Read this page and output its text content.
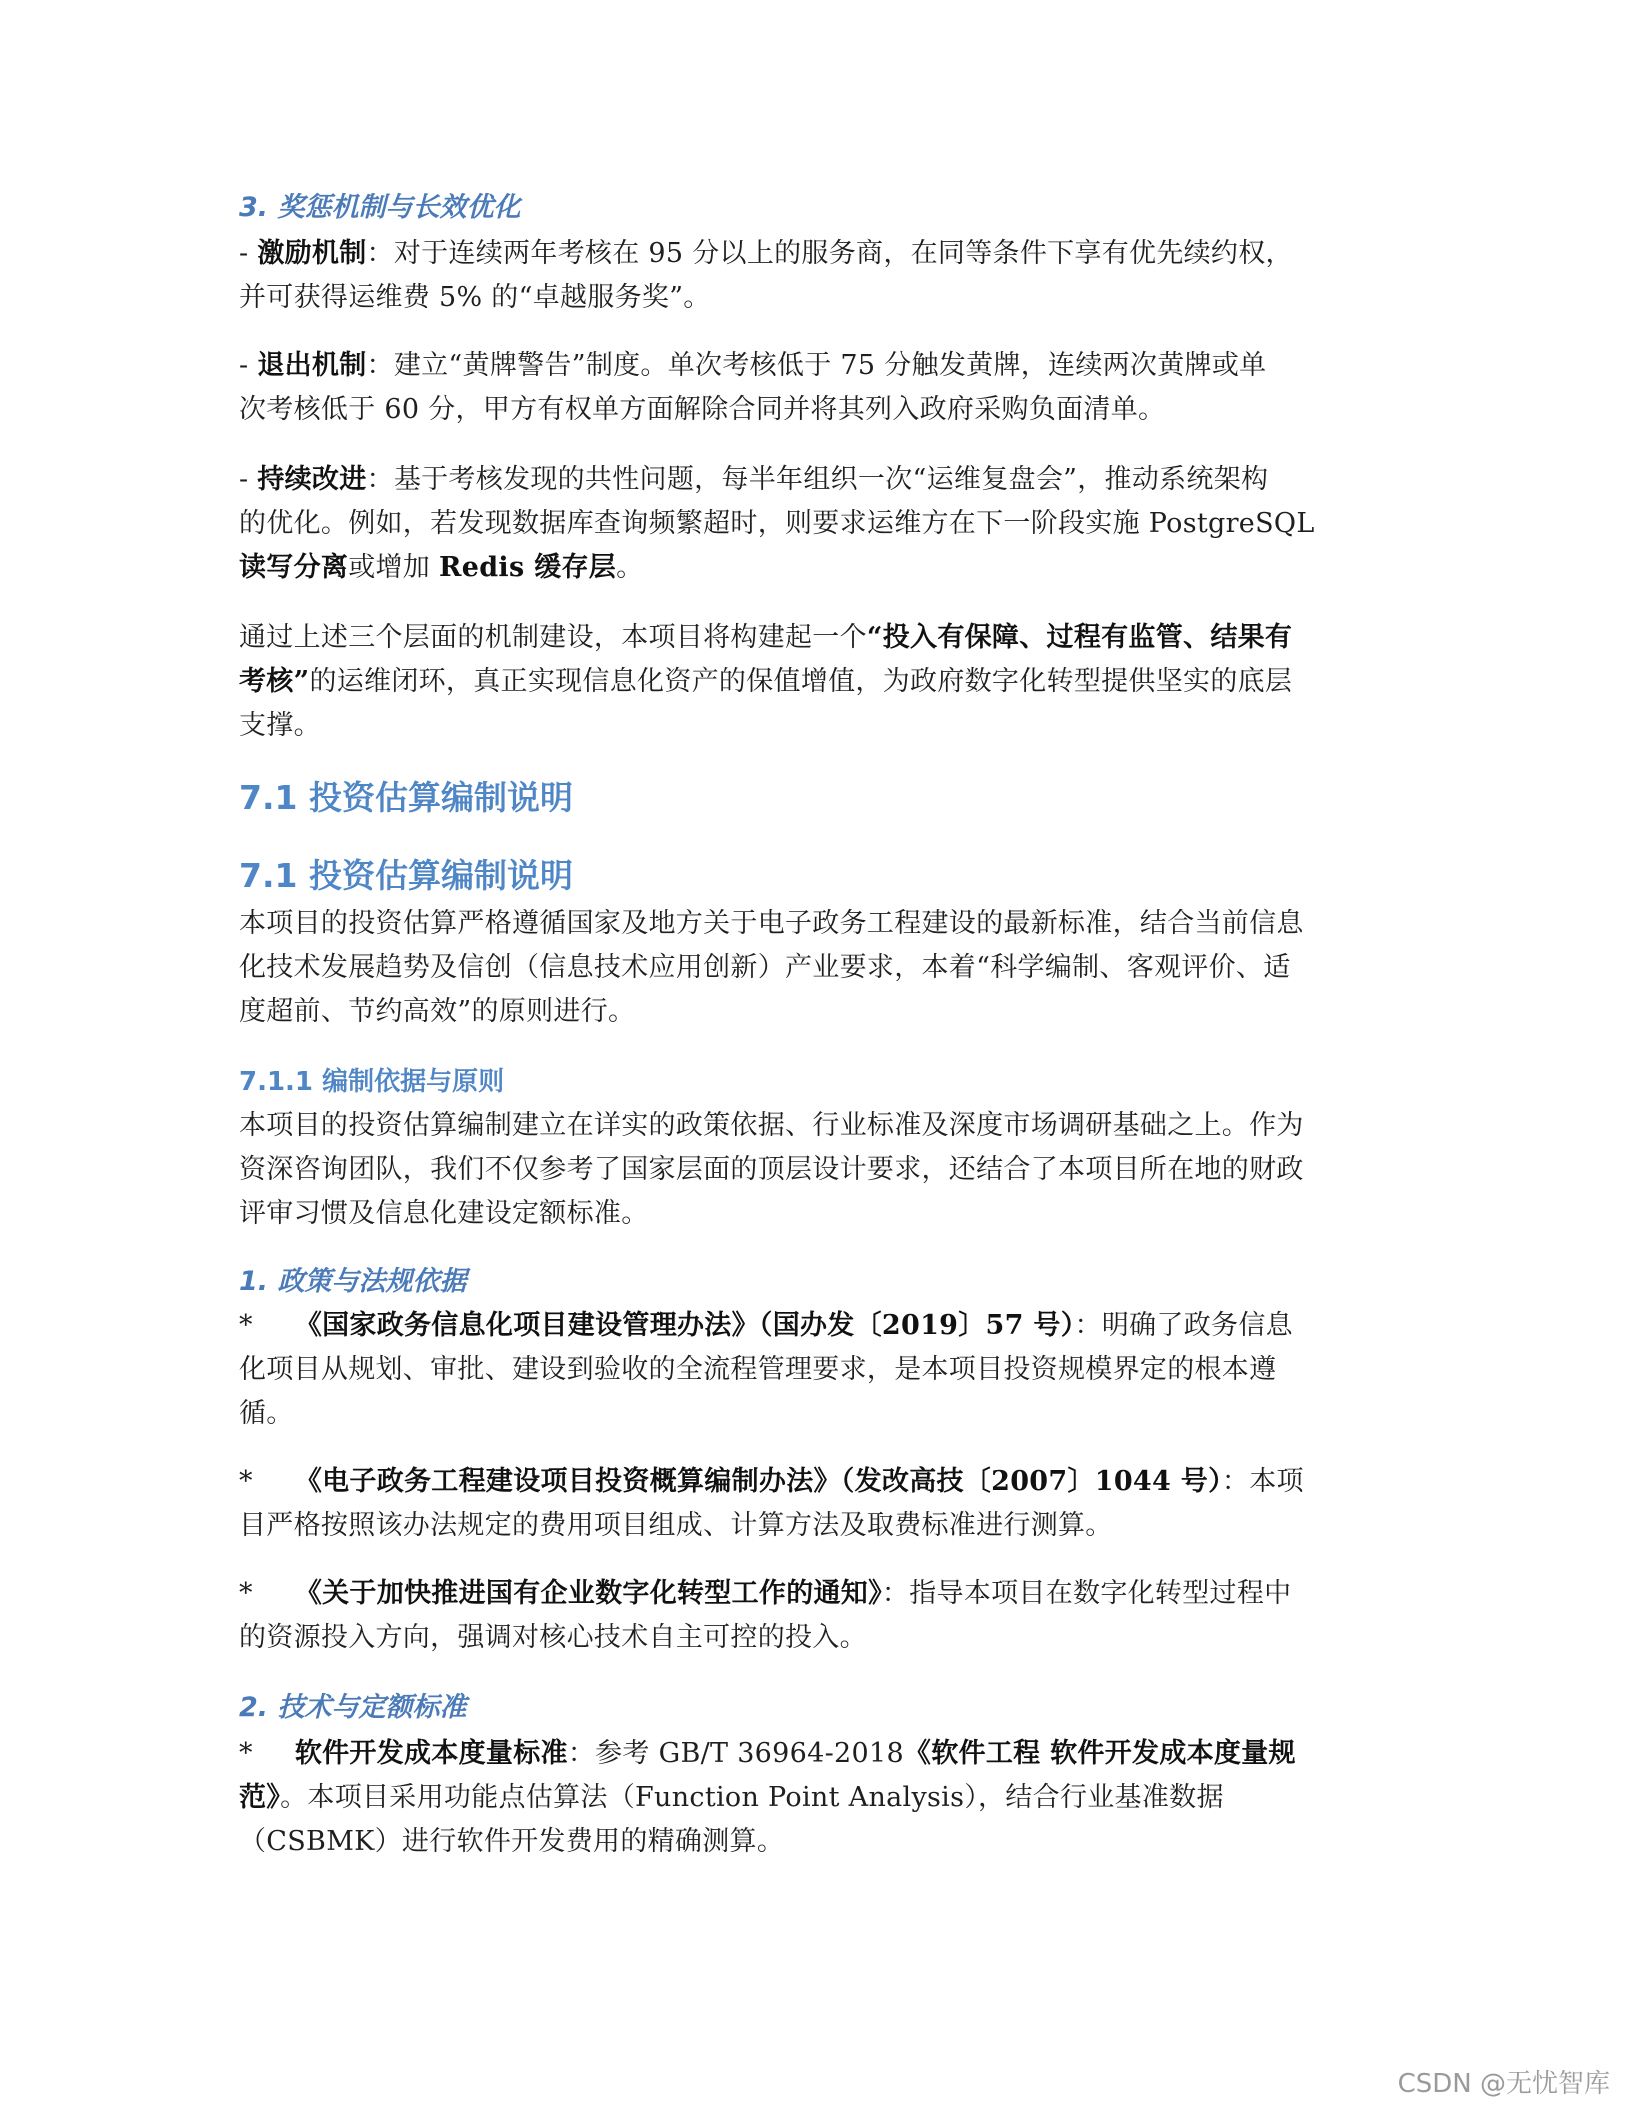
3. 奖惩机制与长效优化
- 激励机制：对于连续两年考核在 95 分以上的服务商，在同等条件下享有优先续约权，
并可获得运维费 5% 的“卓越服务奖”。
- 退出机制：建立“黄牌警告”制度。单次考核低于 75 分触发黄牌，连续两次黄牌或单
次考核低于 60 分，甲方有权单方面解除合同并将其列入政府采购负面清单。
- 持续改进：基于考核发现的共性问题，每半年组织一次“运维复盘会”，推动系统架构
的优化。例如，若发现数据库查询频繁超时，则要求运维方在下一阶段实施 PostgreSQL
读写分离或增加 Redis 缓存层。
通过上述三个层面的机制建设，本项目将构建起一个“投入有保障、过程有监管、结果有
考核”的运维闭环，真正实现信息化资产的保值增值，为政府数字化转型提供坚实的底层
支撑。
7.1 投资估算编制说明
7.1 投资估算编制说明
本项目的投资估算严格遵循国家及地方关于电子政务工程建设的最新标准，结合当前信息
化技术发展趋势及信创（信息技术应用创新）产业要求，本着“科学编制、客观评价、适
度超前、节约高效”的原则进行。
7.1.1 编制依据与原则
本项目的投资估算编制建立在详实的政策依据、行业标准及深度市场调研基础之上。作为
资深咨询团队，我们不仅参考了国家层面的顶层设计要求，还结合了本项目所在地的财政
评审习惯及信息化建设定额标准。
1. 政策与法规依据
* 《国家政务信息化项目建设管理办法》（国办发〔2019〕57 号）：明确了政务信息
化项目从规划、审批、建设到验收的全流程管理要求，是本项目投资规模界定的根本遵
循。
* 《电子政务工程建设项目投资概算编制办法》（发改高技〔2007〕1044 号）：本项
目严格按照该办法规定的费用项目组成、计算方法及取费标准进行测算。
* 《关于加快推进国有企业数字化转型工作的通知》：指导本项目在数字化转型过程中
的资源投入方向，强调对核心技术自主可控的投入。
2. 技术与定额标准
* 软件开发成本度量标准：参考 GB/T 36964-2018《软件工程 软件开发成本度量规
范》。本项目采用功能点估算法（Function Point Analysis），结合行业基准数据
（CSBMK）进行软件开发费用的精确测算。
CSDN @无忧智库
